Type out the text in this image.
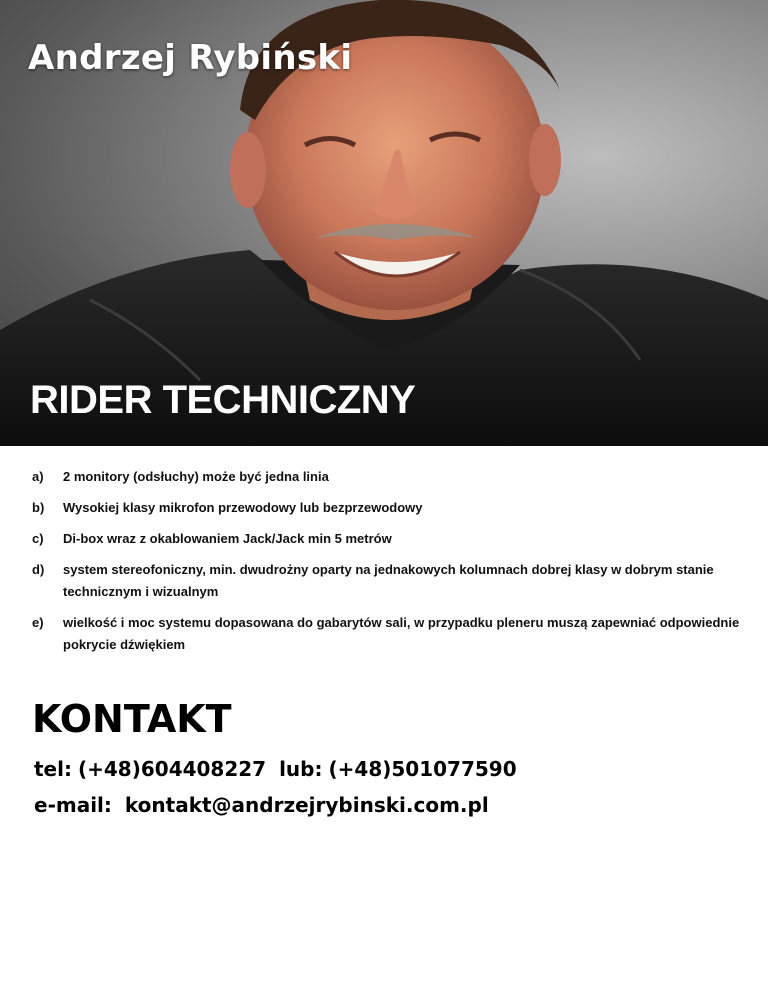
Andrzej Rybiński
RIDER TECHNICZNY
a)	2 monitory (odsłuchy) może być jedna linia
b)	Wysokiej klasy mikrofon przewodowy lub bezprzewodowy
c)	Di-box wraz z okablowaniem Jack/Jack min 5 metrów
d)	system stereofoniczny, min. dwudrożny oparty na jednakowych kolumnach dobrej klasy w dobrym stanie technicznym i wizualnym
e)	wielkość i moc systemu dopasowana do gabarytów sali, w przypadku pleneru muszą zapewniać odpowiednie pokrycie dźwiękiem
KONTAKT

tel: (+48)604408227 lub: (+48)501077590

e-mail: kontakt@andrzejrybinski.com.pl
